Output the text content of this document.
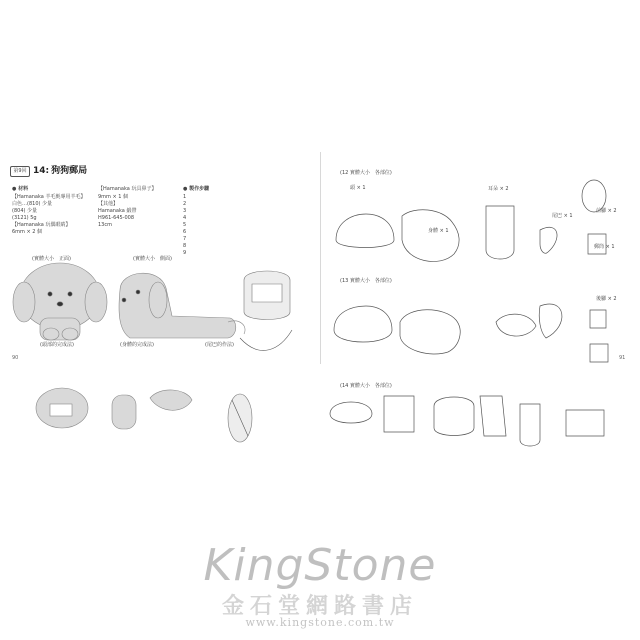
第9回 14: 狗狗郵局
● 材料
【Hamanaka 羊毛氈專用羊毛】
白色…(810) 少量
(804) 少量
(3121) 5g
【Hamanaka 玩偶眼睛】
6mm × 2 個
【Hamanaka 玩具鼻子】
9mm × 1 個
【其他】
Hamanaka 緞帶
H961-645-008
13cm
● 製作步驟
1
2
3
4
5
6
7
8
9
(實體大小　正面)	(實體大小　側面)
(頭部的完成法)	(身體的完成法)	(尾巴的作法)
90
(12 實體大小　各部位)
(13 實體大小　各部位)
(14 實體大小　各部位)
頭 × 1
身體 × 1
耳朵 × 2
尾巴 × 1
前腳 × 2
後腳 × 2
郵筒 × 1
91
KingStone
金石堂網路書店
www.kingstone.com.tw
